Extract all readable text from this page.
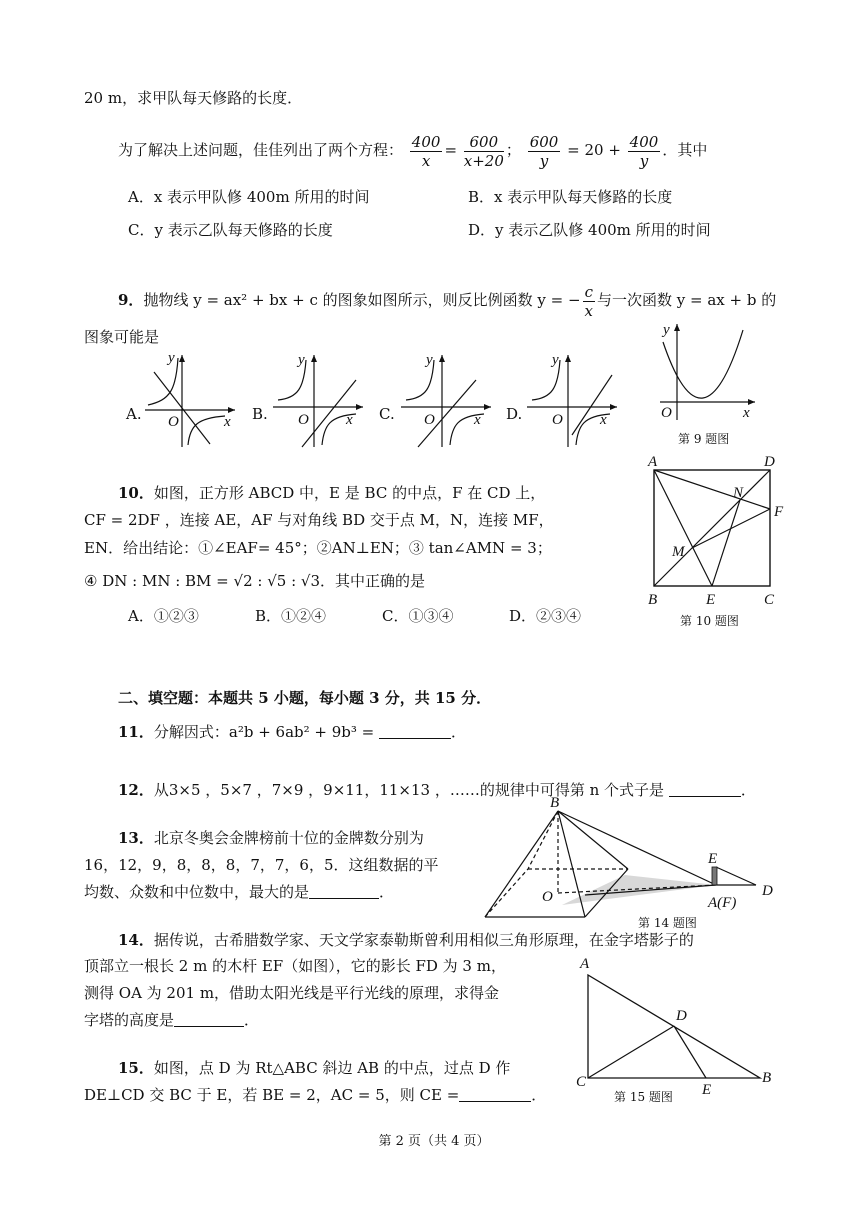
20 m，求甲队每天修路的长度．
为了解决上述问题，佳佳列出了两个方程： $\frac{400}{x} = \frac{600}{x+20}$ ； $\frac{600}{y} = 20 + \frac{400}{y}$ ．其中
A．x 表示甲队修 400m 所用的时间	B．x 表示甲队每天修路的长度
C．y 表示乙队每天修路的长度	D．y 表示乙队修 400m 所用的时间
9．抛物线 y = ax² + bx + c 的图象如图所示，则反比例函数 y = − $\frac{c}{x}$ 与一次函数 y = ax + b 的
图象可能是
A.	B.	C.	D.
y
O	x
y
O x
y
O	x
y
O x
y
O	x
第 9 题图
10．如图，正方形 ABCD 中，E 是 BC 的中点，F 在 CD 上，
CF = 2DF ，连接 AE，AF 与对角线 BD 交于点 M，N，连接 MF，
EN．给出结论：①∠EAF= 45°；②AN⊥EN；③ tan∠AMN = 3；
④ DN : MN : BM = √2 : √5 : √3．其中正确的是
A．①②③	B．①②④	C．①③④	D．②③④
A	D
B	C
E
F
M
N
第 10 题图
二、填空题：本题共 5 小题，每小题 3 分，共 15 分．
11．分解因式：a²b + 6ab² + 9b³ =	．
12．从3×5 ，5×7 ，7×9 ，9×11，11×13 ，……的规律中可得第 n 个式子是	．
13．北京冬奥会金牌榜前十位的金牌数分别为
16，12，9，8，8，8，7，7，6，5．这组数据的平
均数、众数和中位数中，最大的是	．
B
E
O	D
A(F)
第 14 题图
14．据传说，古希腊数学家、天文学家泰勒斯曾利用相似三角形原理，在金字塔影子的
顶部立一根长 2 m 的木杆 EF（如图），它的影长 FD 为 3 m，
测得 OA 为 201 m，借助太阳光线是平行光线的原理，求得金
字塔的高度是	．
A
C	B
D
E
第 15 题图
15．如图，点 D 为 Rt△ABC 斜边 AB 的中点，过点 D 作
DE⊥CD 交 BC 于 E，若 BE = 2，AC = 5，则 CE =	．
第 2 页（共 4 页）
